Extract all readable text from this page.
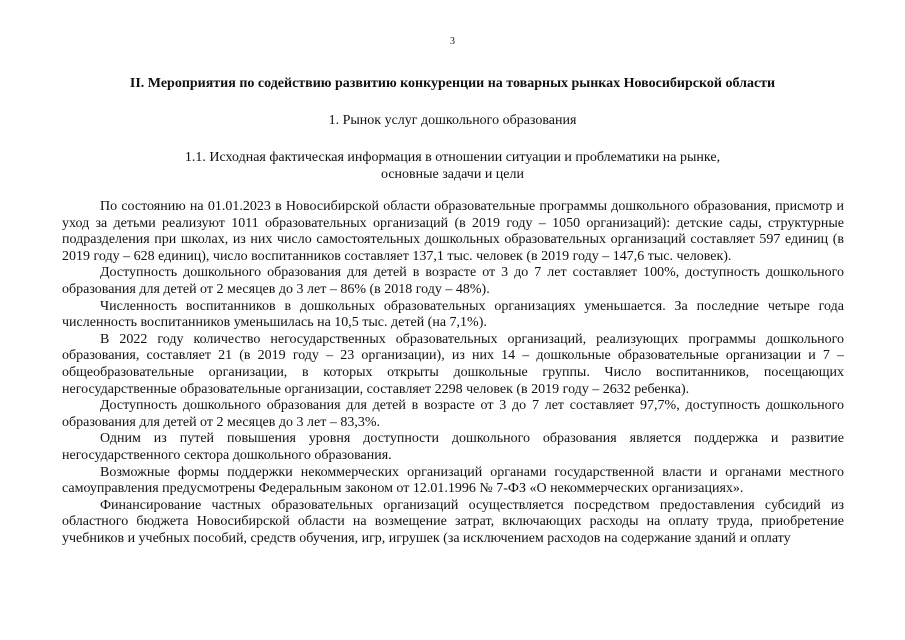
3
II. Мероприятия по содействию развитию конкуренции на товарных рынках Новосибирской области
1. Рынок услуг дошкольного образования
1.1. Исходная фактическая информация в отношении ситуации и проблематики на рынке,
основные задачи и цели

По состоянию на 01.01.2023 в Новосибирской области образовательные программы дошкольного образования, присмотр и уход за детьми реализуют 1011 образовательных организаций (в 2019 году – 1050 организаций): детские сады, структурные подразделения при школах, из них число самостоятельных дошкольных образовательных организаций составляет 597 единиц (в 2019 году – 628 единиц), число воспитанников составляет 137,1 тыс. человек (в 2019 году – 147,6 тыс. человек).

Доступность дошкольного образования для детей в возрасте от 3 до 7 лет составляет 100%, доступность дошкольного образования для детей от 2 месяцев до 3 лет – 86% (в 2018 году – 48%).

Численность воспитанников в дошкольных образовательных организациях уменьшается. За последние четыре года численность воспитанников уменьшилась на 10,5 тыс. детей (на 7,1%).

В 2022 году количество негосударственных образовательных организаций, реализующих программы дошкольного образования, составляет 21 (в 2019 году – 23 организации), из них 14 – дошкольные образовательные организации и 7 – общеобразовательные организации, в которых открыты дошкольные группы. Число воспитанников, посещающих негосударственные образовательные организации, составляет 2298 человек (в 2019 году – 2632 ребенка).

Доступность дошкольного образования для детей в возрасте от 3 до 7 лет составляет 97,7%, доступность дошкольного образования для детей от 2 месяцев до 3 лет – 83,3%.

Одним из путей повышения уровня доступности дошкольного образования является поддержка и развитие негосударственного сектора дошкольного образования.

Возможные формы поддержки некоммерческих организаций органами государственной власти и органами местного самоуправления предусмотрены Федеральным законом от 12.01.1996 № 7-ФЗ «О некоммерческих организациях».

Финансирование частных образовательных организаций осуществляется посредством предоставления субсидий из областного бюджета Новосибирской области на возмещение затрат, включающих расходы на оплату труда, приобретение учебников и учебных пособий, средств обучения, игр, игрушек (за исключением расходов на содержание зданий и оплату
